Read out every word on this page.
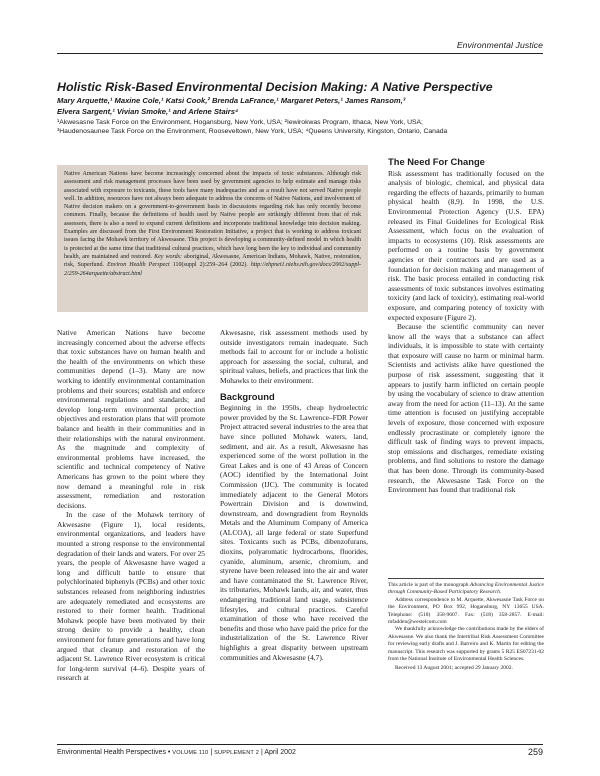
Environmental Justice
Holistic Risk-Based Environmental Decision Making: A Native Perspective
Mary Arquette,¹ Maxine Cole,¹ Katsi Cook,² Brenda LaFrance,¹ Margaret Peters,¹ James Ransom,³
Elvera Sargent,¹ Vivian Smoke,¹ and Arlene Stairs⁴
¹Akwesasne Task Force on the Environment, Hogansburg, New York, USA; ²Iewirokwas Program, Ithaca, New York, USA;
³Haudenosaunee Task Force on the Environment, Rooseveltown, New York, USA; ⁴Queens University, Kingston, Ontario, Canada

Native American Nations have become increasingly concerned about the impacts of toxic substances. Although risk assessment and risk management processes have been used by government agencies to help estimate and manage risks associated with exposure to toxicants, these tools have many inadequacies and as a result have not served Native people well. In addition, resources have not always been adequate to address the concerns of Native Nations, and involvement of Native decision makers on a government-to-government basis in discussions regarding risk has only recently become common. Finally, because the definitions of health used by Native people are strikingly different from that of risk assessors, there is also a need to expand current definitions and incorporate traditional knowledge into decision making. Examples are discussed from the First Environment Restoration Initiative, a project that is working to address toxicant issues facing the Mohawk territory of Akwesasne. This project is developing a community-defined model in which health is protected at the same time that traditional cultural practices, which have long been the key to individual and community health, are maintained and restored. Key words: aboriginal, Akwesasne, American Indians, Mohawk, Native, restoration, risk, Superfund. Environ Health Perspect 110(suppl 2):259–264 (2002). http://ehpnet1.niehs.nih.gov/docs/2002/suppl-2/259-264arquette/abstract.html

Native American Nations have become increasingly concerned about the adverse effects that toxic substances have on human health and the health of the environments on which these communities depend (1–3). Many are now working to identify environmental contamination problems and their sources; establish and enforce environmental regulations and standards; and develop long-term environmental protection objectives and restoration plans that will promote balance and health in their communities and in their relationships with the natural environment. As the magnitude and complexity of environmental problems have increased, the scientific and technical competency of Native Americans has grown to the point where they now demand a meaningful role in risk assessment, remediation and restoration decisions.

In the case of the Mohawk territory of Akwesasne (Figure 1), local residents, environmental organizations, and leaders have mounted a strong response to the environmental degradation of their lands and waters. For over 25 years, the people of Akwesasne have waged a long and difficult battle to ensure that polychlorinated biphenyls (PCBs) and other toxic substances released from neighboring industries are adequately remediated and ecosystems are restored to their former health. Traditional Mohawk people have been motivated by their strong desire to provide a healthy, clean environment for future generations and have long argued that cleanup and restoration of the adjacent St. Lawrence River ecosystem is critical for long-term survival (4–6). Despite years of research at

Akwesasne, risk assessment methods used by outside investigators remain inadequate. Such methods fail to account for or include a holistic approach for assessing the social, cultural, and spiritual values, beliefs, and practices that link the Mohawks to their environment.

Background

Beginning in the 1950s, cheap hydroelectric power provided by the St. Lawrence–FDR Power Project attracted several industries to the area that have since polluted Mohawk waters, land, sediment, and air. As a result, Akwesasne has experienced some of the worst pollution in the Great Lakes and is one of 43 Areas of Concern (AOC) identified by the International Joint Commission (IJC). The community is located immediately adjacent to the General Motors Powertrain Division and is downwind, downstream, and downgradient from Reynolds Metals and the Aluminum Company of America (ALCOA), all large federal or state Superfund sites. Toxicants such as PCBs, dibenzofurans, dioxins, polyaromatic hydrocarbons, fluorides, cyanide, aluminum, arsenic, chromium, and styrene have been released into the air and water and have contaminated the St. Lawrence River, its tributaries, Mohawk lands, air, and water, thus endangering traditional land usage, subsistence lifestyles, and cultural practices. Careful examination of those who have received the benefits and those who have paid the price for the industrialization of the St. Lawrence River highlights a great disparity between upstream communities and Akwesasne (4,7).

The Need For Change

Risk assessment has traditionally focused on the analysis of biologic, chemical, and physical data regarding the effects of hazards, primarily to human physical health (8,9). In 1998, the U.S. Environmental Protection Agency (U.S. EPA) released its Final Guidelines for Ecological Risk Assessment, which focus on the evaluation of impacts to ecosystems (10). Risk assessments are performed on a routine basis by government agencies or their contractors and are used as a foundation for decision making and management of risk. The basic process entailed in conducting risk assessments of toxic substances involves estimating toxicity (and lack of toxicity), estimating real-world exposure, and comparing potency of toxicity with expected exposure (Figure 2).

Because the scientific community can never know all the ways that a substance can affect individuals, it is impossible to state with certainty that exposure will cause no harm or minimal harm. Scientists and activists alike have questioned the purpose of risk assessment, suggesting that it appears to justify harm inflicted on certain people by using the vocabulary of science to draw attention away from the need for action (11–13). At the same time attention is focused on justifying acceptable levels of exposure, those concerned with exposure endlessly procrastinate or completely ignore the difficult task of finding ways to prevent impacts, stop emissions and discharges, remediate existing problems, and find solutions to restore the damage that has been done. Through its community-based research, the Akwesasne Task Force on the Environment has found that traditional risk

This article is part of the monograph Advancing Environmental Justice through Community-Based Participatory Research.

Address correspondence to M. Arquette, Akwesasne Task Force on the Environment, PO Box 992, Hogansburg, NY 13655 USA. Telephone: (518) 358-9607. Fax: (518) 358-2857. E-mail: mfadden@westelcom.com

We thankfully acknowledge the contributions made by the elders of Akwesasne. We also thank the Intertribal Risk Assessment Committee for reviewing early drafts and J. Barreiro and K. Martin for editing the manuscript. This research was supported by grants 5 R25 ES07231-02 from the National Institute of Environmental Health Sciences.

Received 13 August 2001; accepted 29 January 2002.

Environmental Health Perspectives • VOLUME 110 | SUPPLEMENT 2 | April 2002	259
